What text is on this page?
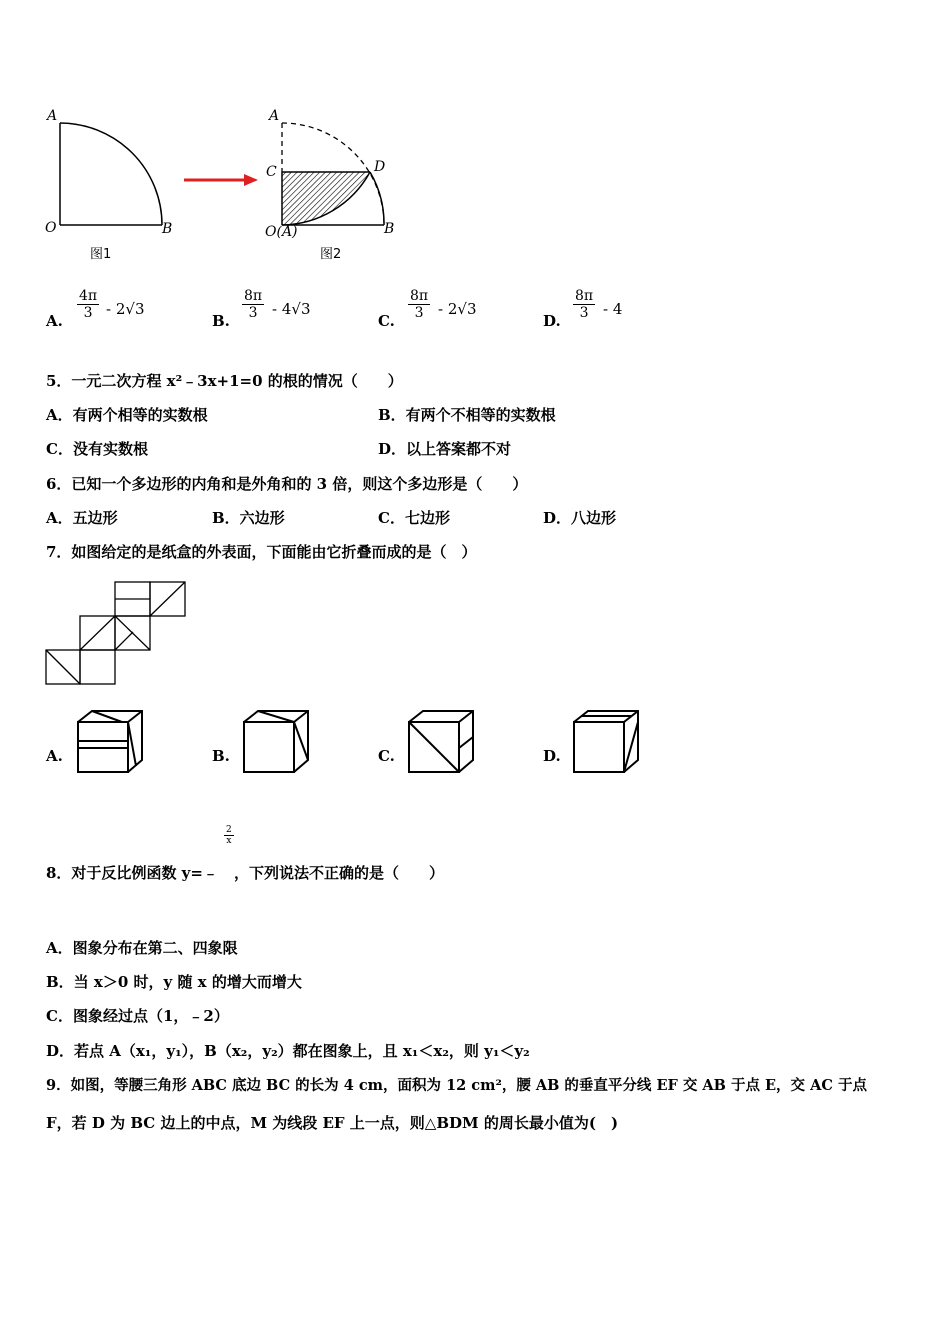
A
O	B
图1
A
C	D
O(A)	B
图2
A. $\frac{4\pi}{3} - 2√3$
B. $\frac{8\pi}{3} - 4√3$
C. $\frac{8\pi}{3} - 2√3$
D. $\frac{8\pi}{3} - 4$
5．一元二次方程 x²﹣3x+1=0 的根的情况（　　）
A．有两个相等的实数根	B．有两个不相等的实数根
C．没有实数根	D．以上答案都不对
6．已知一个多边形的内角和是外角和的 3 倍，则这个多边形是（　　）
A．五边形	B．六边形	C．七边形	D．八边形
7．如图给定的是纸盒的外表面，下面能由它折叠而成的是（　）
A.	B.	C.	D.
$\frac{2}{x}$
8．对于反比例函数 y=﹣ ，下列说法不正确的是（　　）
A．图象分布在第二、四象限
B．当 x＞0 时，y 随 x 的增大而增大
C．图象经过点（1，﹣2）
D．若点 A（x₁，y₁），B（x₂，y₂）都在图象上，且 x₁＜x₂，则 y₁＜y₂
9．如图，等腰三角形 ABC 底边 BC 的长为 4 cm，面积为 12 cm²，腰 AB 的垂直平分线 EF 交 AB 于点 E，交 AC 于点
F，若 D 为 BC 边上的中点，M 为线段 EF 上一点，则△BDM 的周长最小值为(　)
